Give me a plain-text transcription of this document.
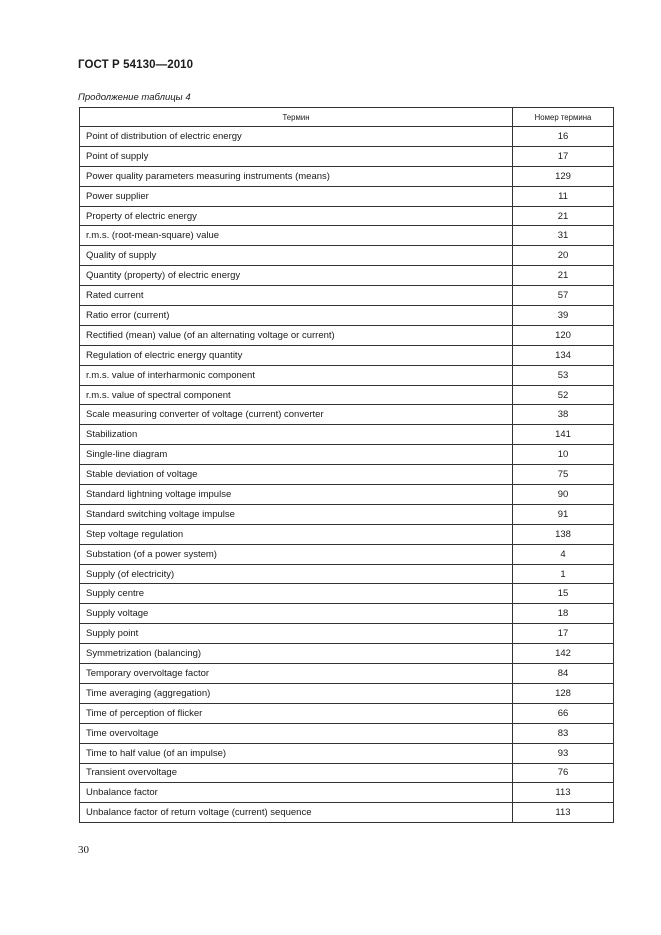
ГОСТ Р 54130—2010
Продолжение таблицы 4
Термин	Номер термина
Point of distribution of electric energy	16
Point of supply	17
Power quality parameters measuring instruments (means)	129
Power supplier	11
Property of electric energy	21
r.m.s. (root-mean-square) value	31
Quality of supply	20
Quantity (property) of electric energy	21
Rated current	57
Ratio error (current)	39
Rectified (mean) value (of an alternating voltage or current)	120
Regulation of electric energy quantity	134
r.m.s. value of interharmonic component	53
r.m.s. value of spectral component	52
Scale measuring converter of voltage (current) converter	38
Stabilization	141
Single-line diagram	10
Stable deviation of voltage	75
Standard lightning voltage impulse	90
Standard switching voltage impulse	91
Step voltage regulation	138
Substation (of a power system)	4
Supply (of electricity)	1
Supply centre	15
Supply voltage	18
Supply point	17
Symmetrization (balancing)	142
Temporary overvoltage factor	84
Time averaging (aggregation)	128
Time of perception of flicker	66
Time overvoltage	83
Time to half value (of an impulse)	93
Transient overvoltage	76
Unbalance factor	113
Unbalance factor of return voltage (current) sequence	113
30
